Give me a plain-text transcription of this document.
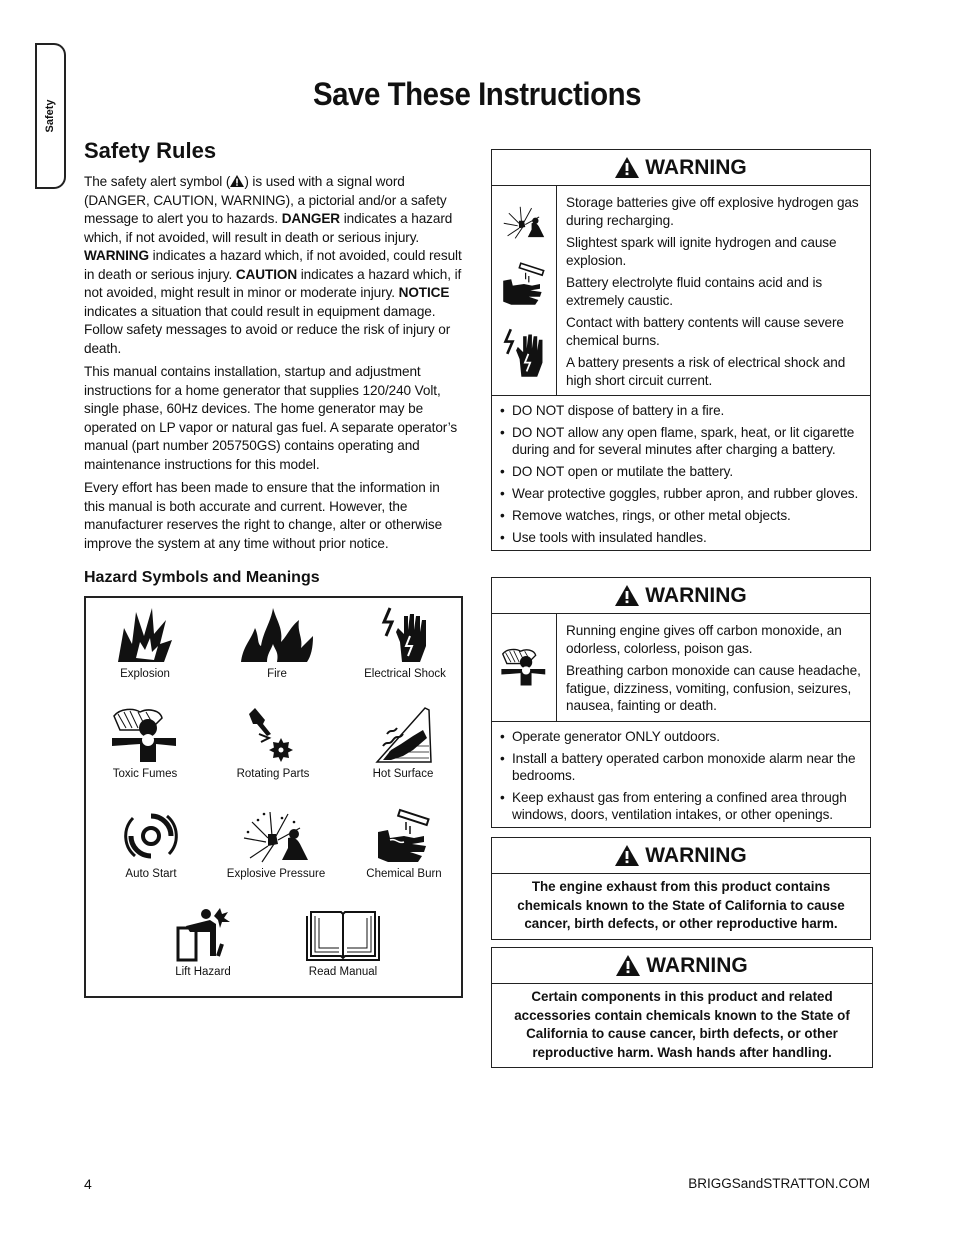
Safety
Save These Instructions
Safety Rules

The safety alert symbol ( ) is used with a signal word (DANGER, CAUTION, WARNING), a pictorial and/or a safety message to alert you to hazards. DANGER indicates a hazard which, if not avoided, will result in death or serious injury. WARNING indicates a hazard which, if not avoided, could result in death or serious injury. CAUTION indicates a hazard which, if not avoided, might result in minor or moderate injury. NOTICE indicates a situation that could result in equipment damage. Follow safety messages to avoid or reduce the risk of injury or death.

This manual contains installation, startup and adjustment instructions for a home generator that supplies 120/240 Volt, single phase, 60Hz devices. The home generator may be operated on LP vapor or natural gas fuel. A separate operator’s manual (part number 205750GS) contains operating and maintenance instructions for this model.

Every effort has been made to ensure that the information in this manual is both accurate and current. However, the manufacturer reserves the right to change, alter or otherwise improve the system at any time without prior notice.

Hazard Symbols and Meanings
Explosion	Fire	Electrical Shock
Toxic Fumes	Rotating Parts	Hot Surface
Auto Start	Explosive Pressure	Chemical Burn
Lift Hazard	Read Manual
WARNING

Storage batteries give off explosive hydrogen gas during recharging.

Slightest spark will ignite hydrogen and cause explosion.

Battery electrolyte fluid contains acid and is extremely caustic.

Contact with battery contents will cause severe chemical burns.

A battery presents a risk of electrical shock and high short circuit current.

• DO NOT dispose of battery in a fire.
• DO NOT allow any open flame, spark, heat, or lit cigarette during and for several minutes after charging a battery.
• DO NOT open or mutilate the battery.
• Wear protective goggles, rubber apron, and rubber gloves.
• Remove watches, rings, or other metal objects.
• Use tools with insulated handles.
WARNING

Running engine gives off carbon monoxide, an odorless, colorless, poison gas.

Breathing carbon monoxide can cause headache, fatigue, dizziness, vomiting, confusion, seizures, nausea, fainting or death.

• Operate generator ONLY outdoors.
• Install a battery operated carbon monoxide alarm near the bedrooms.
• Keep exhaust gas from entering a confined area through windows, doors, ventilation intakes, or other openings.
WARNING
The engine exhaust from this product contains chemicals known to the State of California to cause cancer, birth defects, or other reproductive harm.
WARNING
Certain components in this product and related accessories contain chemicals known to the State of California to cause cancer, birth defects, or other reproductive harm. Wash hands after handling.
4	BRIGGSandSTRATTON.COM
